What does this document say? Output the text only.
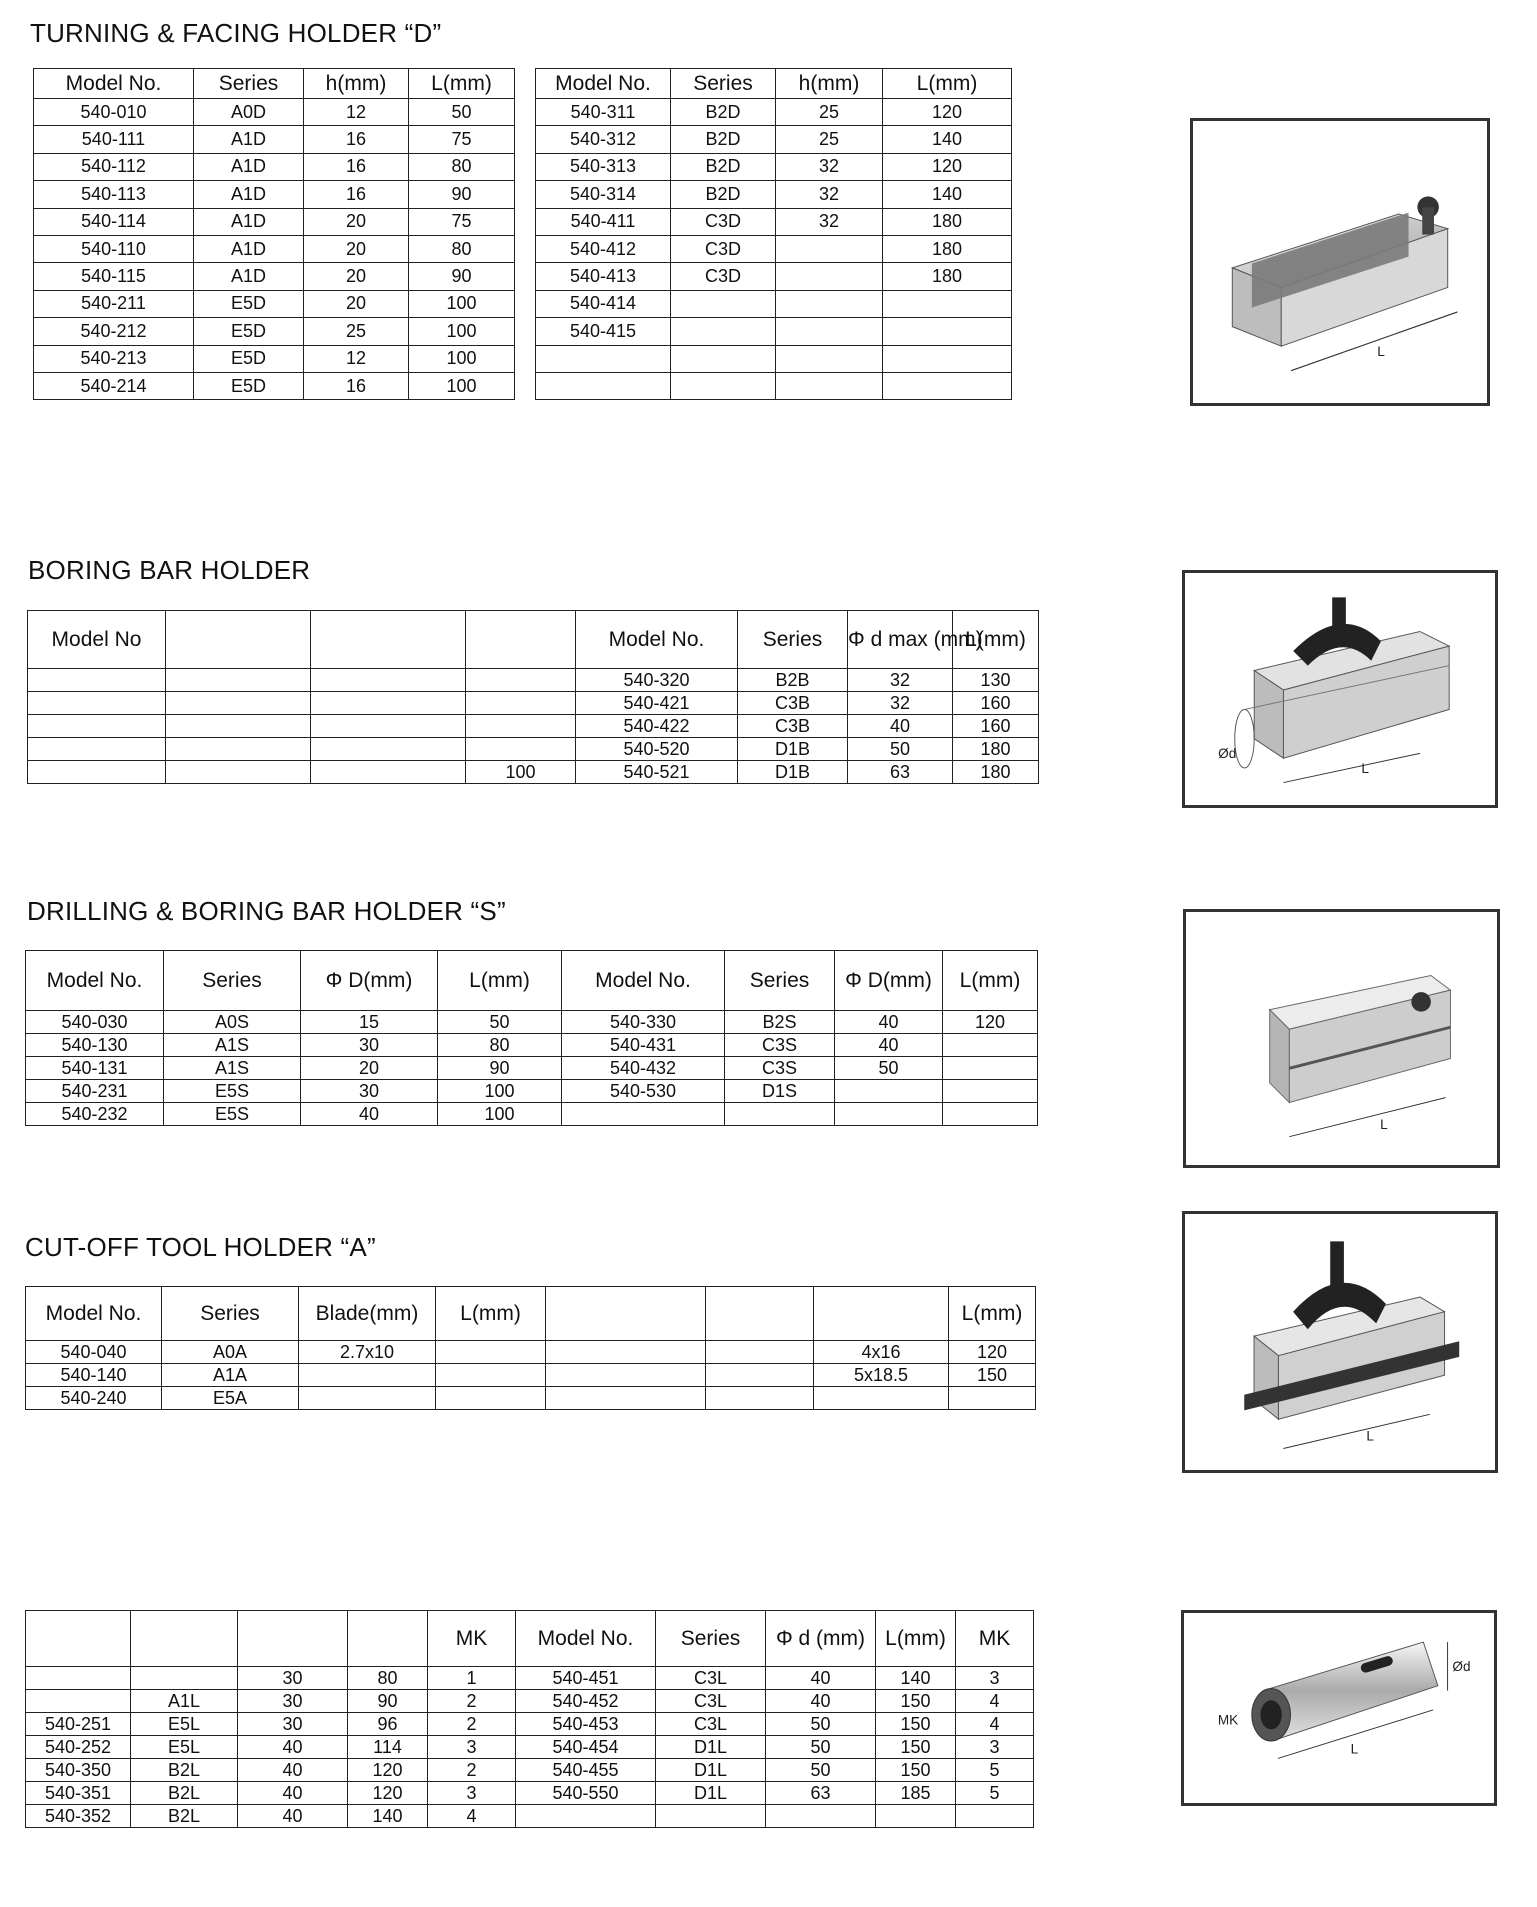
TURNING & FACING HOLDER “D”
Model No.	Series	h(mm)	L(mm)
540-010	A0D	12	50
540-111	A1D	16	75
540-112	A1D	16	80
540-113	A1D	16	90
540-114	A1D	20	75
540-110	A1D	20	80
540-115	A1D	20	90
540-211	E5D	20	100
540-212	E5D	25	100
540-213	E5D	12	100
540-214	E5D	16	100
Model No.	Series	h(mm)	L(mm)
540-311	B2D	25	120
540-312	B2D	25	140
540-313	B2D	32	120
540-314	B2D	32	140
540-411	C3D	32	180
540-412	C3D		180
540-413	C3D		180
540-414			
540-415			

L
BORING BAR HOLDER
Model No				Model No.	Series	Φ d max (mm)	L(mm)
				540-320	B2B	32	130
				540-421	C3B	32	160
				540-422	C3B	40	160
				540-520	D1B	50	180
			100	540-521	D1B	63	180
Ød
L
DRILLING & BORING BAR HOLDER “S”
Model No.	Series	Φ D(mm)	L(mm)	Model No.	Series	Φ D(mm)	L(mm)
540-030	A0S	15	50	540-330	B2S	40	120
540-130	A1S	30	80	540-431	C3S	40	
540-131	A1S	20	90	540-432	C3S	50	
540-231	E5S	30	100	540-530	D1S		
540-232	E5S	40	100				
L
CUT-OFF TOOL HOLDER “A”
Model No.	Series	Blade(mm)	L(mm)				L(mm)
540-040	A0A	2.7x10				4x16	120
540-140	A1A					5x18.5	150
540-240	E5A						
L
				MK	Model No.	Series	Φ d (mm)	L(mm)	MK
		30	80	1	540-451	C3L	40	140	3
	A1L	30	90	2	540-452	C3L	40	150	4
540-251	E5L	30	96	2	540-453	C3L	50	150	4
540-252	E5L	40	114	3	540-454	D1L	50	150	3
540-350	B2L	40	120	2	540-455	D1L	50	150	5
540-351	B2L	40	120	3	540-550	D1L	63	185	5
540-352	B2L	40	140	4					
MK
Ød
L
